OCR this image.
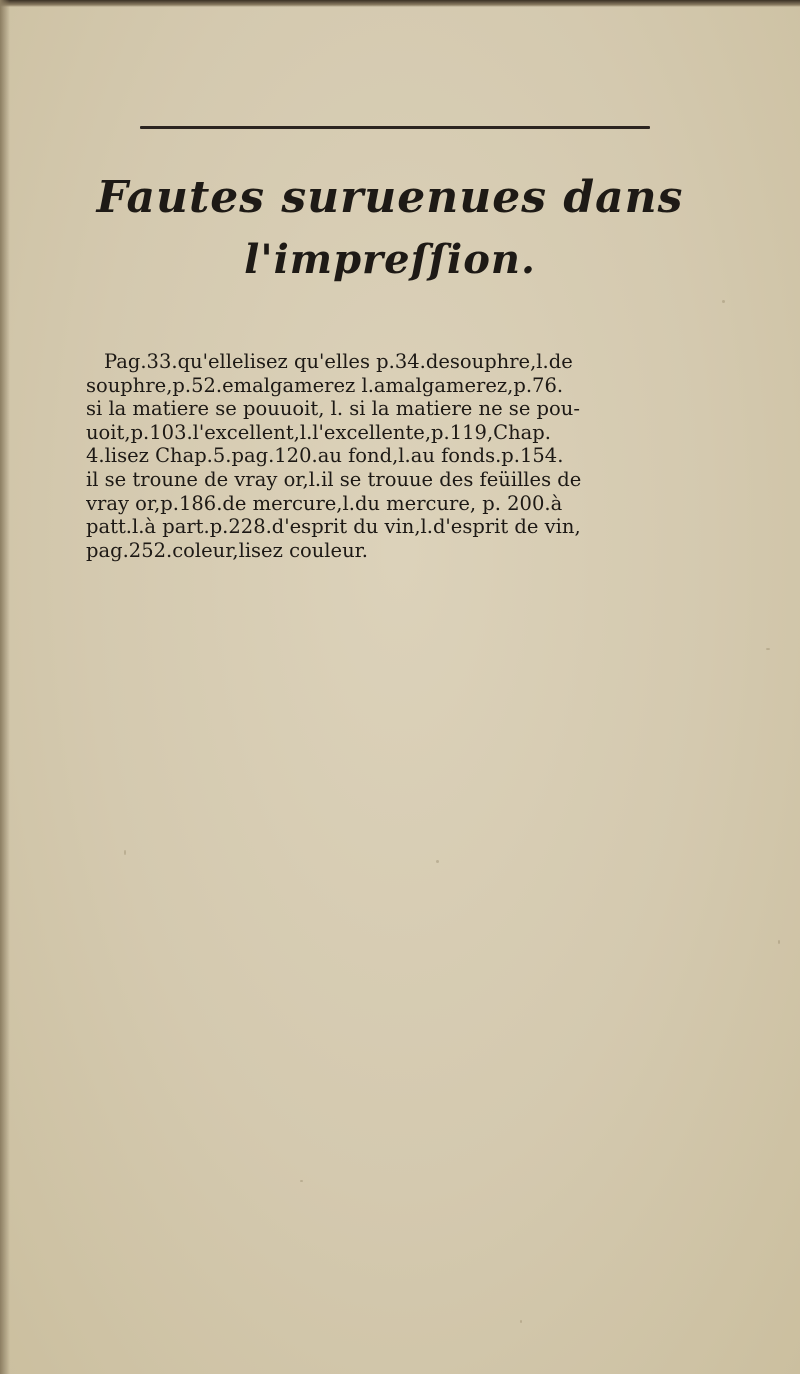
Fautes suruenues dans
l'impreſſion.

Pag.33.qu'ellelisez qu'elles p.34.desouphre,l.de
souphre,p.52.emalgamerez l.amalgamerez,p.76.
si la matiere se pouuoit, l. si la matiere ne se pou-
uoit,p.103.l'excellent,l.l'excellente,p.119,Chap.
4.lisez Chap.5.pag.120.au fond,l.au fonds.p.154.
il se troune de vray or,l.il se trouue des feüilles de
vray or,p.186.de mercure,l.du mercure, p. 200.à
patt.l.à part.p.228.d'esprit du vin,l.d'esprit de vin,
pag.252.coleur,lisez couleur.
